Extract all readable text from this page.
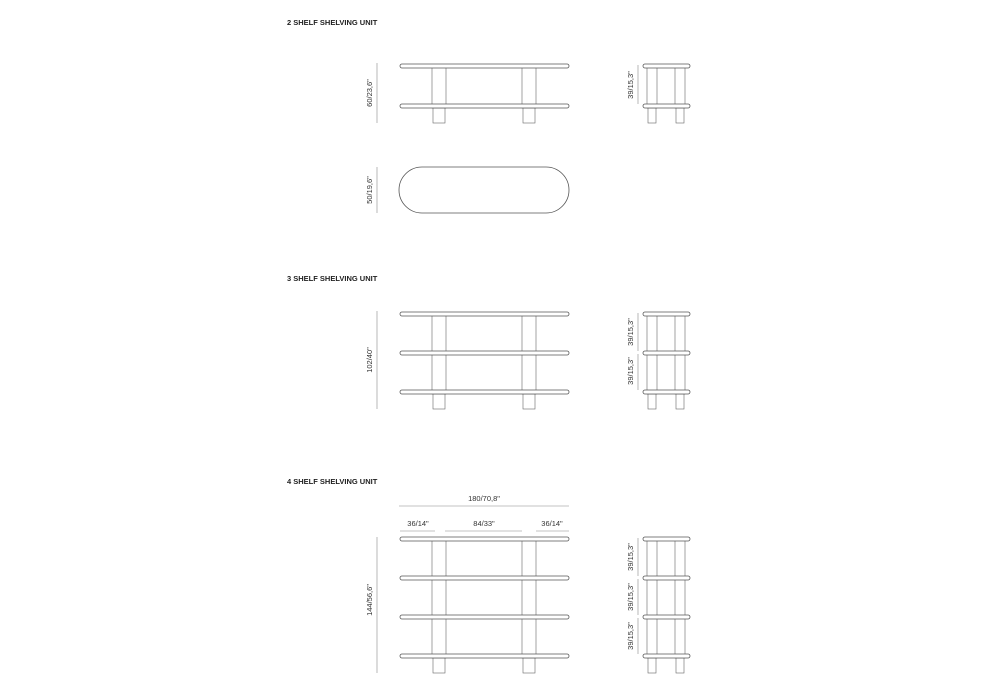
2 SHELF SHELVING UNIT
60/23,6"	39/15,3"
50/19,6"
3 SHELF SHELVING UNIT
102/40"
39/15,3"
39/15,3"
4 SHELF SHELVING UNIT
180/70,8"
36/14"	84/33"	36/14"
144/56,6"
39/15,3"
39/15,3"
39/15,3"
